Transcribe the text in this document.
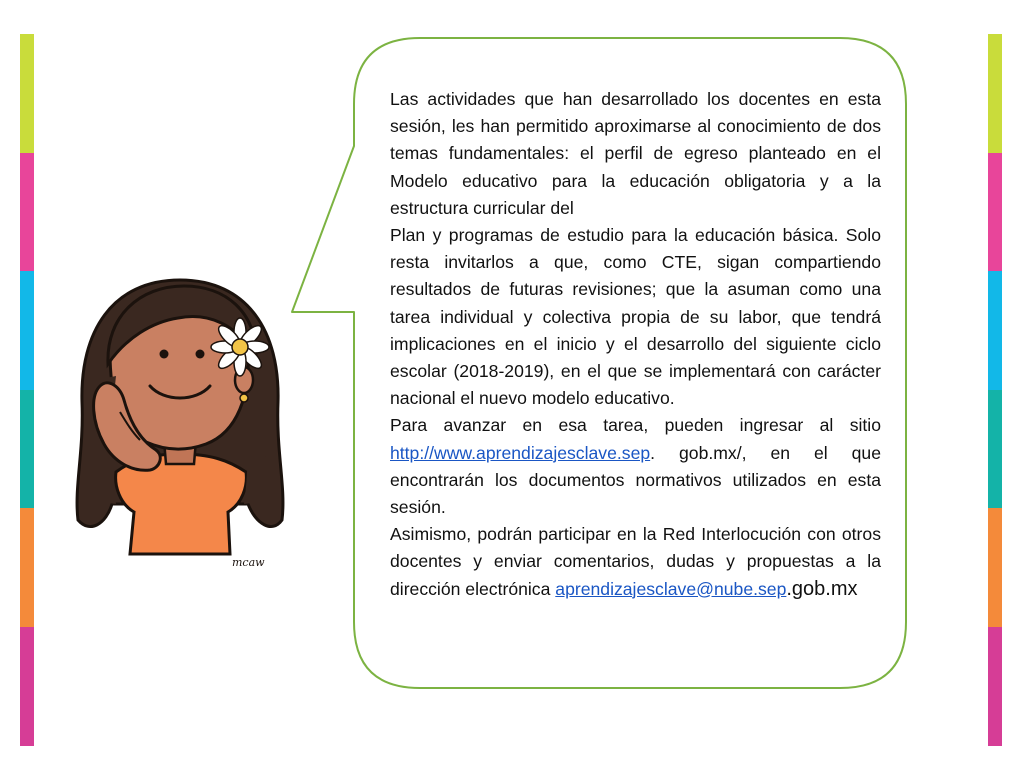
Las actividades que han desarrollado los docentes en esta sesión, les han permitido aproximarse al conocimiento de dos temas fundamentales: el perfil de egreso planteado en el Modelo educativo para la educación obligatoria y a la estructura curricular del

Plan y programas de estudio para la educación básica. Solo resta invitarlos a que, como CTE, sigan compartiendo resultados de futuras revisiones; que la asuman como una tarea individual y colectiva propia de su labor, que tendrá implicaciones en el inicio y el desarrollo del siguiente ciclo escolar (2018-2019), en el que se implementará con carácter nacional el nuevo modelo educativo.

Para avanzar en esa tarea, pueden ingresar al sitio http://www.aprendizajesclave.sep. gob.mx/, en el que encontrarán los documentos normativos utilizados en esta sesión.

Asimismo, podrán participar en la Red Interlocución con otros docentes y enviar comentarios, dudas y propuestas a la dirección electrónica aprendizajesclave@nube.sep.gob.mx

mcaw
